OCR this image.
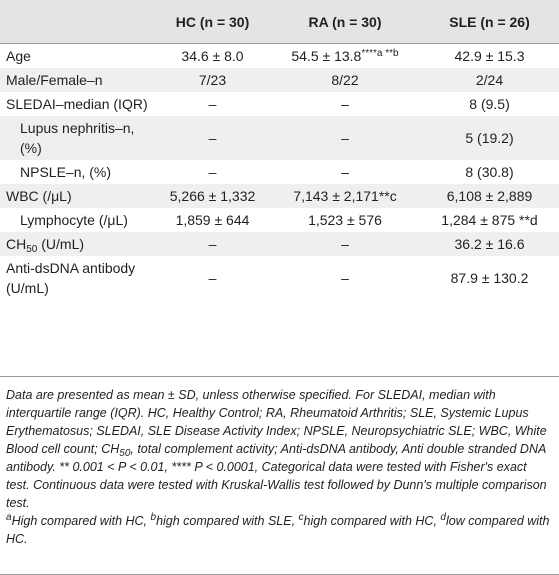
	HC (n = 30)	RA (n = 30)	SLE (n = 26)
Age	34.6 ± 8.0	$54.5 \pm 13.8^{****a **b}$	42.9 ± 15.3
Male/Female–n	7/23	8/22	2/24
SLEDAI–median (IQR)	–	–	8 (9.5)
Lupus nephritis–n, (%)	–	–	5 (19.2)
NPSLE–n, (%)	–	–	8 (30.8)
WBC (/μL)	5,266 ± 1,332	7,143 ± 2,171**c	6,108 ± 2,889
Lymphocyte (/μL)	1,859 ± 644	1,523 ± 576	1,284 ± 875 **d
$CH_{50}$ (U/mL)	–	–	36.2 ± 16.6
Anti-dsDNA antibody (U/mL)	–	–	87.9 ± 130.2

Data are presented as mean ± SD, unless otherwise specified. For SLEDAI, median with interquartile range (IQR). HC, Healthy Control; RA, Rheumatoid Arthritis; SLE, Systemic Lupus Erythematosus; SLEDAI, SLE Disease Activity Index; NPSLE, Neuropsychiatric SLE; WBC, White Blood cell count; $CH_{50}$, total complement activity; Anti-dsDNA antibody, Anti double stranded DNA antibody. ** 0.001 < P < 0.01, **** P < 0.0001, Categorical data were tested with Fisher's exact test. Continuous data were tested with Kruskal-Wallis test followed by Dunn's multiple comparison test.

$^a$High compared with HC, $^b$high compared with SLE, $^c$high compared with HC, $^d$low compared with HC.
